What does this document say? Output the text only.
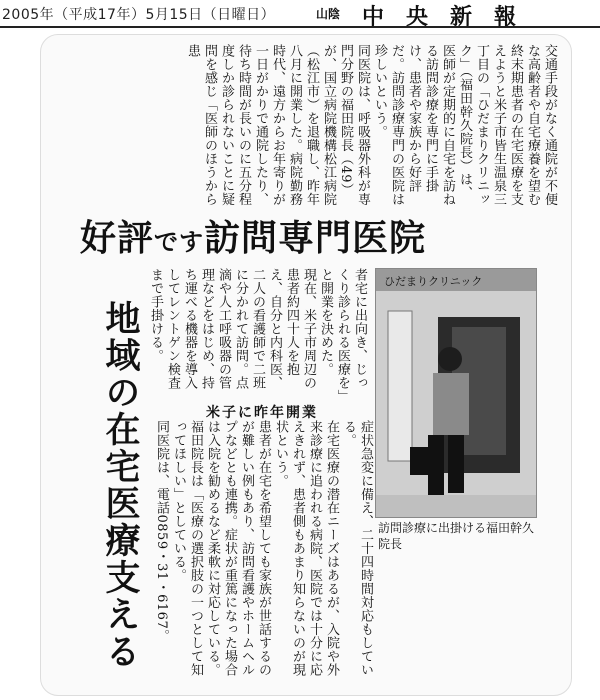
2005年（平成17年）5月15日（日曜日）	山陰 中央新報
交通手段がなく通院が不便な高齢者や自宅療養を望む終末期患者の在宅医療を支えようと米子市皆生温泉三丁目の「ひだまりクリニック」（福田幹久院長）は、医師が定期的に自宅を訪ねる訪問診療を専門に手掛け、患者や家族から好評だ。訪問診療専門の医院は珍しいという。
同医院は、呼吸器外科が専門分野の福田院長（49）が、国立病院機構松江病院（松江市）を退職し、昨年八月に開業した。病院勤務時代、遠方からお年寄りが一日がかりで通院したり、待ち時間が長いのに五分程度しか診られないことに疑問を感じ「医師のほうから患
好評です訪問専門医院
者宅に出向き、じっくり診られる医療を」と開業を決めた。
現在、米子市周辺の患者約四十人を抱え、自分と内科医、二人の看護師で二班に分かれて訪問。点滴や人工呼吸器の管理などをはじめ、持ち運べる機器を導入してレントゲン検査まで手掛ける。
地域の在宅医療支える	米子に昨年開業
症状急変に備え、二十四時間対応もしている。
在宅医療の潜在ニーズはあるが、入院や外来診療に追われる病院、医院では十分に応えきれず、患者側もあまり知らないのが現状という。
患者が在宅を希望しても家族が世話するのが難しい例もあり、訪問看護やホームヘルプなどとも連携。症状が重篤になった場合は入院を勧めるなど柔軟に対応している。
福田院長は「医療の選択肢の一つとして知ってほしい」としている。
同医院は、電話0859・31・6167。
ひだまりクリニック
訪問診療に出掛ける福田幹久院長
